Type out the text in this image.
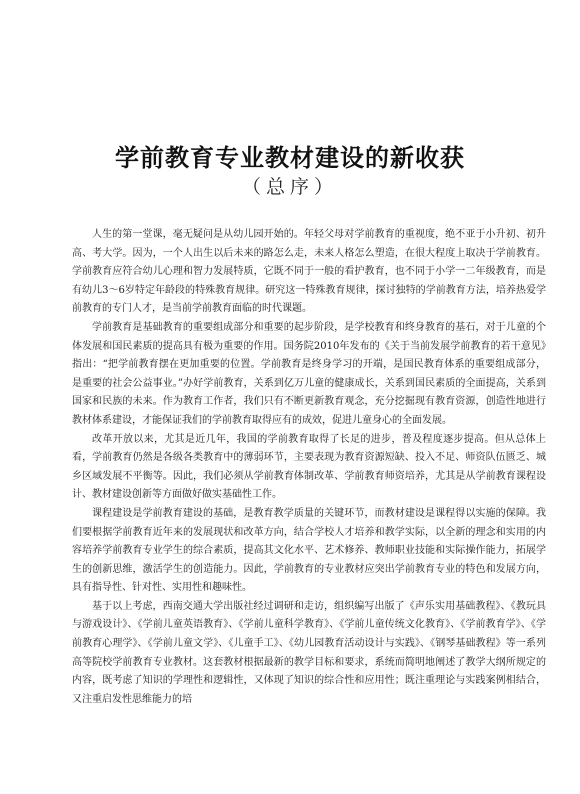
学前教育专业教材建设的新收获
（总序）

人生的第一堂课，毫无疑问是从幼儿园开始的。年轻父母对学前教育的重视度，绝不亚于小升初、初升高、考大学。因为，一个人出生以后未来的路怎么走，未来人格怎么塑造，在很大程度上取决于学前教育。学前教育应符合幼儿心理和智力发展特质，它既不同于一般的看护教育，也不同于小学一二年级教育，而是有幼儿3～6岁特定年龄段的特殊教育规律。研究这一特殊教育规律，探讨独特的学前教育方法，培养热爱学前教育的专门人才，是当前学前教育面临的时代课题。

学前教育是基础教育的重要组成部分和重要的起步阶段，是学校教育和终身教育的基石，对于儿童的个体发展和国民素质的提高具有极为重要的作用。国务院2010年发布的《关于当前发展学前教育的若干意见》指出：“把学前教育摆在更加重要的位置。学前教育是终身学习的开端，是国民教育体系的重要组成部分，是重要的社会公益事业。”办好学前教育，关系到亿万儿童的健康成长，关系到国民素质的全面提高，关系到国家和民族的未来。作为教育工作者，我们只有不断更新教育观念，充分挖掘现有教育资源，创造性地进行教材体系建设，才能保证我们的学前教育取得应有的成效，促进儿童身心的全面发展。

改革开放以来，尤其是近几年，我国的学前教育取得了长足的进步，普及程度逐步提高。但从总体上看，学前教育仍然是各级各类教育中的薄弱环节，主要表现为教育资源短缺、投入不足、师资队伍匮乏、城乡区域发展不平衡等。因此，我们必须从学前教育体制改革、学前教育师资培养，尤其是从学前教育课程设计、教材建设创新等方面做好做实基础性工作。

课程建设是学前教育建设的基础，是教育教学质量的关键环节，而教材建设是课程得以实施的保障。我们要根据学前教育近年来的发展现状和改革方向，结合学校人才培养和教学实际，以全新的理念和实用的内容培养学前教育专业学生的综合素质，提高其文化水平、艺术修养、教师职业技能和实际操作能力，拓展学生的创新思维，激活学生的创造能力。因此，学前教育的专业教材应突出学前教育专业的特色和发展方向，具有指导性、针对性、实用性和趣味性。

基于以上考虑，西南交通大学出版社经过调研和走访，组织编写出版了《声乐实用基础教程》、《教玩具与游戏设计》、《学前儿童英语教育》、《学前儿童科学教育》、《学前儿童传统文化教育》、《学前教育学》、《学前教育心理学》、《学前儿童文学》、《儿童手工》、《幼儿园教育活动设计与实践》、《钢琴基础教程》等一系列高等院校学前教育专业教材。这套教材根据最新的教学目标和要求，系统而简明地阐述了教学大纲所规定的内容，既考虑了知识的学理性和逻辑性，又体现了知识的综合性和应用性；既注重理论与实践案例相结合，又注重启发性思维能力的培
